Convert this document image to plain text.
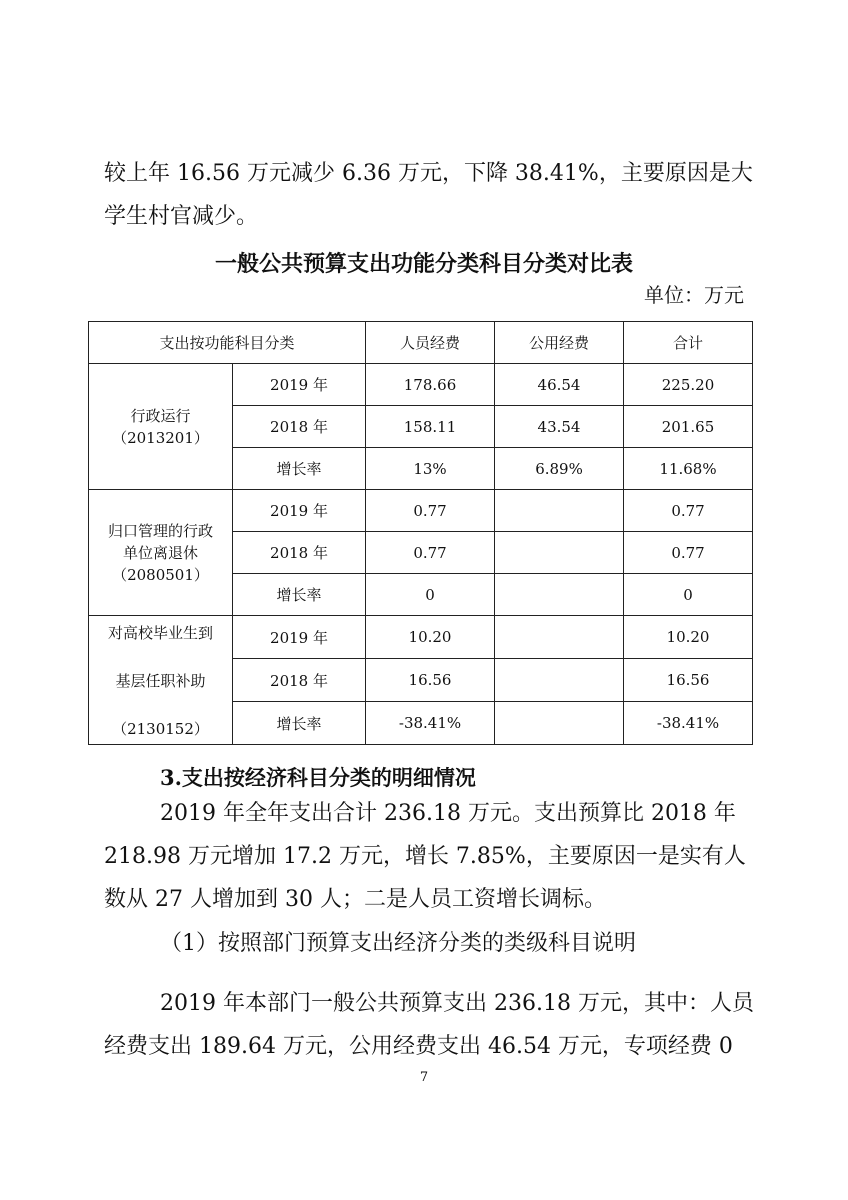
较上年 16.56 万元减少 6.36 万元，下降 38.41%，主要原因是大
学生村官减少。
一般公共预算支出功能分类科目分类对比表
单位：万元
支出按功能科目分类		人员经费	公用经费	合计

行政运行
（2013201）	2019 年	178.66	46.54	225.20
	2018 年	158.11	43.54	201.65
	增长率	13%	6.89%	11.68%

归口管理的行政
单位离退休
（2080501）	2019 年	0.77		0.77
	2018 年	0.77		0.77
	增长率	0		0

对高校毕业生到
基层任职补助
（2130152）	2019 年	10.20		10.20
	2018 年	16.56		16.56
	增长率	-38.41%		-38.41%
3.支出按经济科目分类的明细情况
2019 年全年支出合计 236.18 万元。支出预算比 2018 年
218.98 万元增加 17.2 万元，增长 7.85%，主要原因一是实有人
数从 27 人增加到 30 人；二是人员工资增长调标。
（1）按照部门预算支出经济分类的类级科目说明
2019 年本部门一般公共预算支出 236.18 万元，其中：人员
经费支出 189.64 万元，公用经费支出 46.54 万元，专项经费 0
7
